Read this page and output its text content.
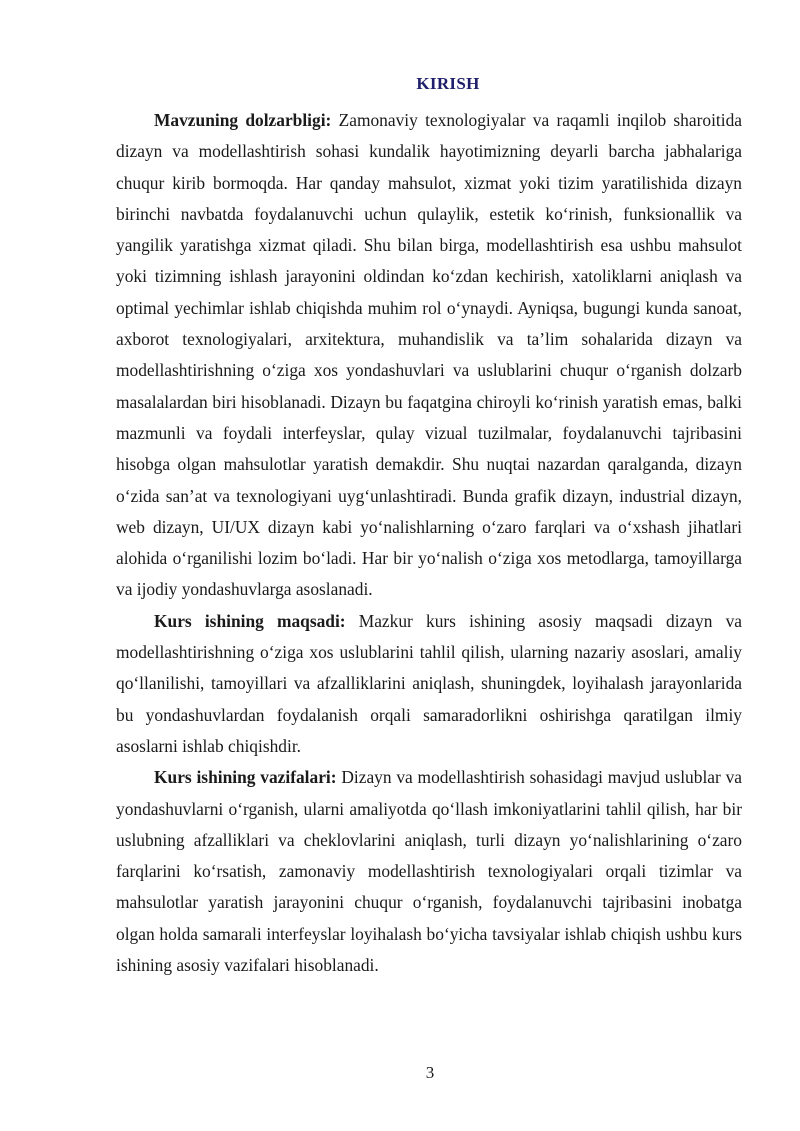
KIRISH

Mavzuning dolzarbligi: Zamonaviy texnologiyalar va raqamli inqilob sharoitida dizayn va modellashtirish sohasi kundalik hayotimizning deyarli barcha jabhalariga chuqur kirib bormoqda. Har qanday mahsulot, xizmat yoki tizim yaratilishida dizayn birinchi navbatda foydalanuvchi uchun qulaylik, estetik koʻrinish, funksionallik va yangilik yaratishga xizmat qiladi. Shu bilan birga, modellashtirish esa ushbu mahsulot yoki tizimning ishlash jarayonini oldindan koʻzdan kechirish, xatoliklarni aniqlash va optimal yechimlar ishlab chiqishda muhim rol oʻynaydi. Ayniqsa, bugungi kunda sanoat, axborot texnologiyalari, arxitektura, muhandislik va taʼlim sohalarida dizayn va modellashtirishning oʻziga xos yondashuvlari va uslublarini chuqur oʻrganish dolzarb masalalardan biri hisoblanadi. Dizayn bu faqatgina chiroyli koʻrinish yaratish emas, balki mazmunli va foydali interfeyslar, qulay vizual tuzilmalar, foydalanuvchi tajribasini hisobga olgan mahsulotlar yaratish demakdir. Shu nuqtai nazardan qaralganda, dizayn oʻzida sanʼat va texnologiyani uygʻunlashtiradi. Bunda grafik dizayn, industrial dizayn, web dizayn, UI/UX dizayn kabi yoʻnalishlarning oʻzaro farqlari va oʻxshash jihatlari alohida oʻrganilishi lozim boʻladi. Har bir yoʻnalish oʻziga xos metodlarga, tamoyillarga va ijodiy yondashuvlarga asoslanadi.

Kurs ishining maqsadi: Mazkur kurs ishining asosiy maqsadi dizayn va modellashtirishning oʻziga xos uslublarini tahlil qilish, ularning nazariy asoslari, amaliy qoʻllanilishi, tamoyillari va afzalliklarini aniqlash, shuningdek, loyihalash jarayonlarida bu yondashuvlardan foydalanish orqali samaradorlikni oshirishga qaratilgan ilmiy asoslarni ishlab chiqishdir.

Kurs ishining vazifalari: Dizayn va modellashtirish sohasidagi mavjud uslublar va yondashuvlarni oʻrganish, ularni amaliyotda qoʻllash imkoniyatlarini tahlil qilish, har bir uslubning afzalliklari va cheklovlarini aniqlash, turli dizayn yoʻnalishlarining oʻzaro farqlarini koʻrsatish, zamonaviy modellashtirish texnologiyalari orqali tizimlar va mahsulotlar yaratish jarayonini chuqur oʻrganish, foydalanuvchi tajribasini inobatga olgan holda samarali interfeyslar loyihalash boʻyicha tavsiyalar ishlab chiqish ushbu kurs ishining asosiy vazifalari hisoblanadi.

3
